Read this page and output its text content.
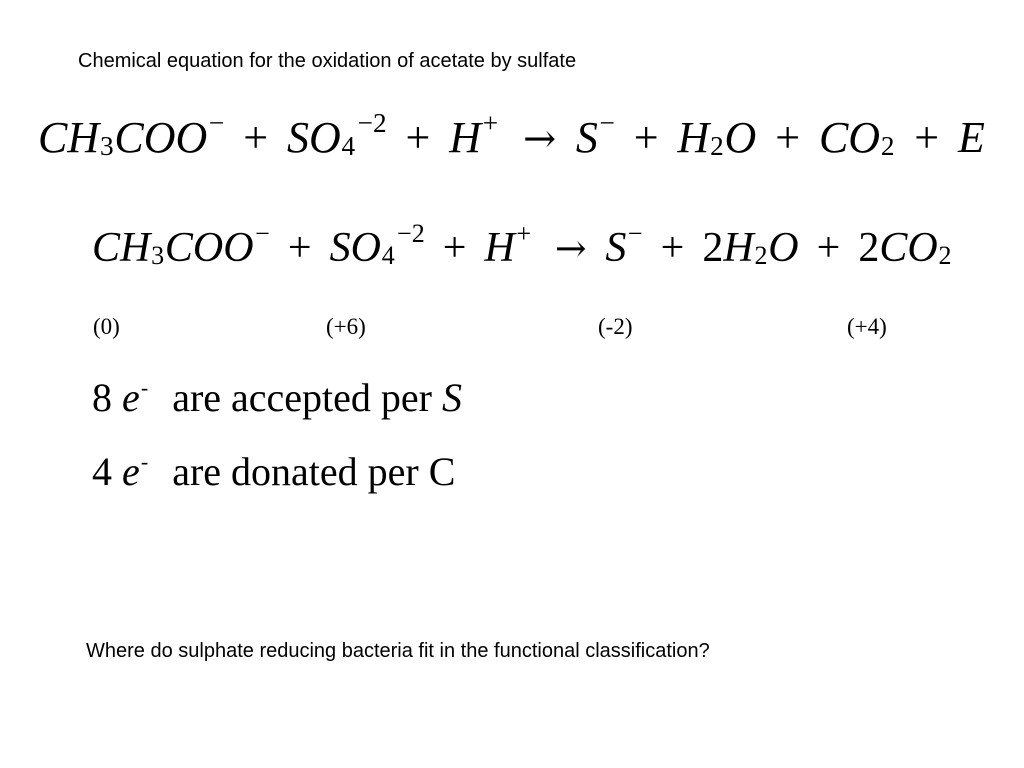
Chemical equation for the oxidation of acetate by sulfate
$CH3COO^- + SO4^{-2} + H^+ \to S^- + H2O + CO2 + E$
$CH3COO^- + SO4^{-2} + H^+ \to S^- + 2H2O + 2CO2$
(0)	(+6)	(-2)	(+4)
8 e- are accepted per S
4 e- are donated per C
Where do sulphate reducing bacteria fit in the functional classification?
